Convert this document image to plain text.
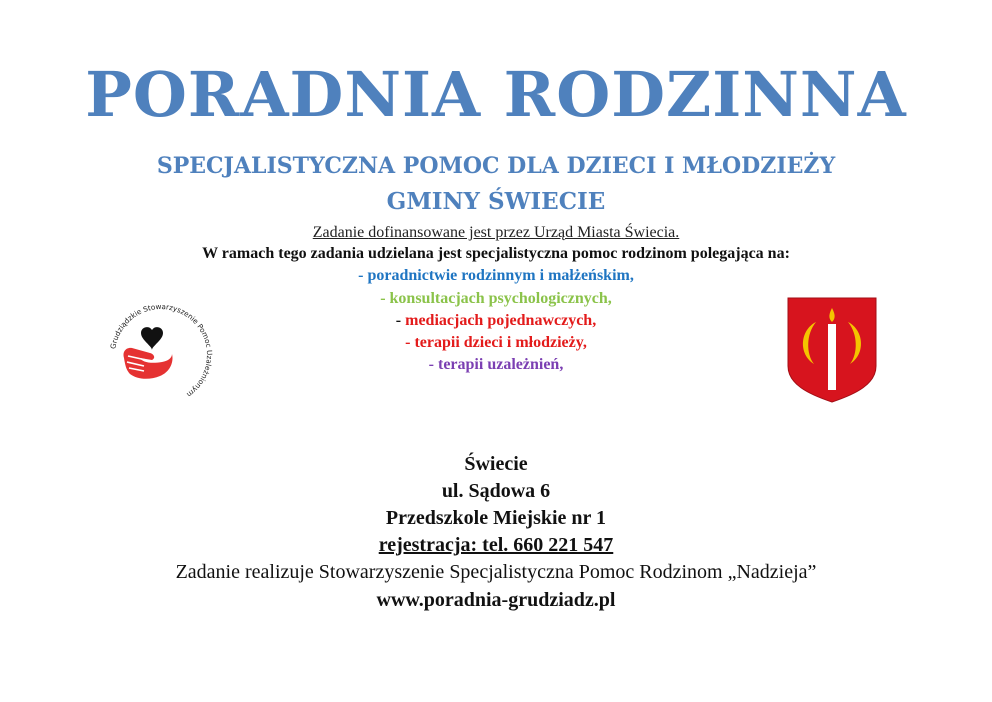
PORADNIA RODZINNA
SPECJALISTYCZNA POMOC DLA DZIECI I MŁODZIEŻY
GMINY ŚWIECIE
Zadanie dofinansowane jest przez Urząd Miasta Świecia.
W ramach tego zadania udzielana jest specjalistyczna pomoc rodzinom polegająca na:
- poradnictwie rodzinnym i małżeńskim,
- konsultacjach psychologicznych,
- mediacjach pojednawczych,
- terapii dzieci i młodzieży,
- terapii uzależnień,
Grudziądzkie Stowarzyszenie Pomoc Uzależnionym
Świecie
ul. Sądowa 6
Przedszkole Miejskie nr 1
rejestracja: tel. 660 221 547
Zadanie realizuje Stowarzyszenie Specjalistyczna Pomoc Rodzinom „Nadzieja”
www.poradnia-grudziadz.pl
